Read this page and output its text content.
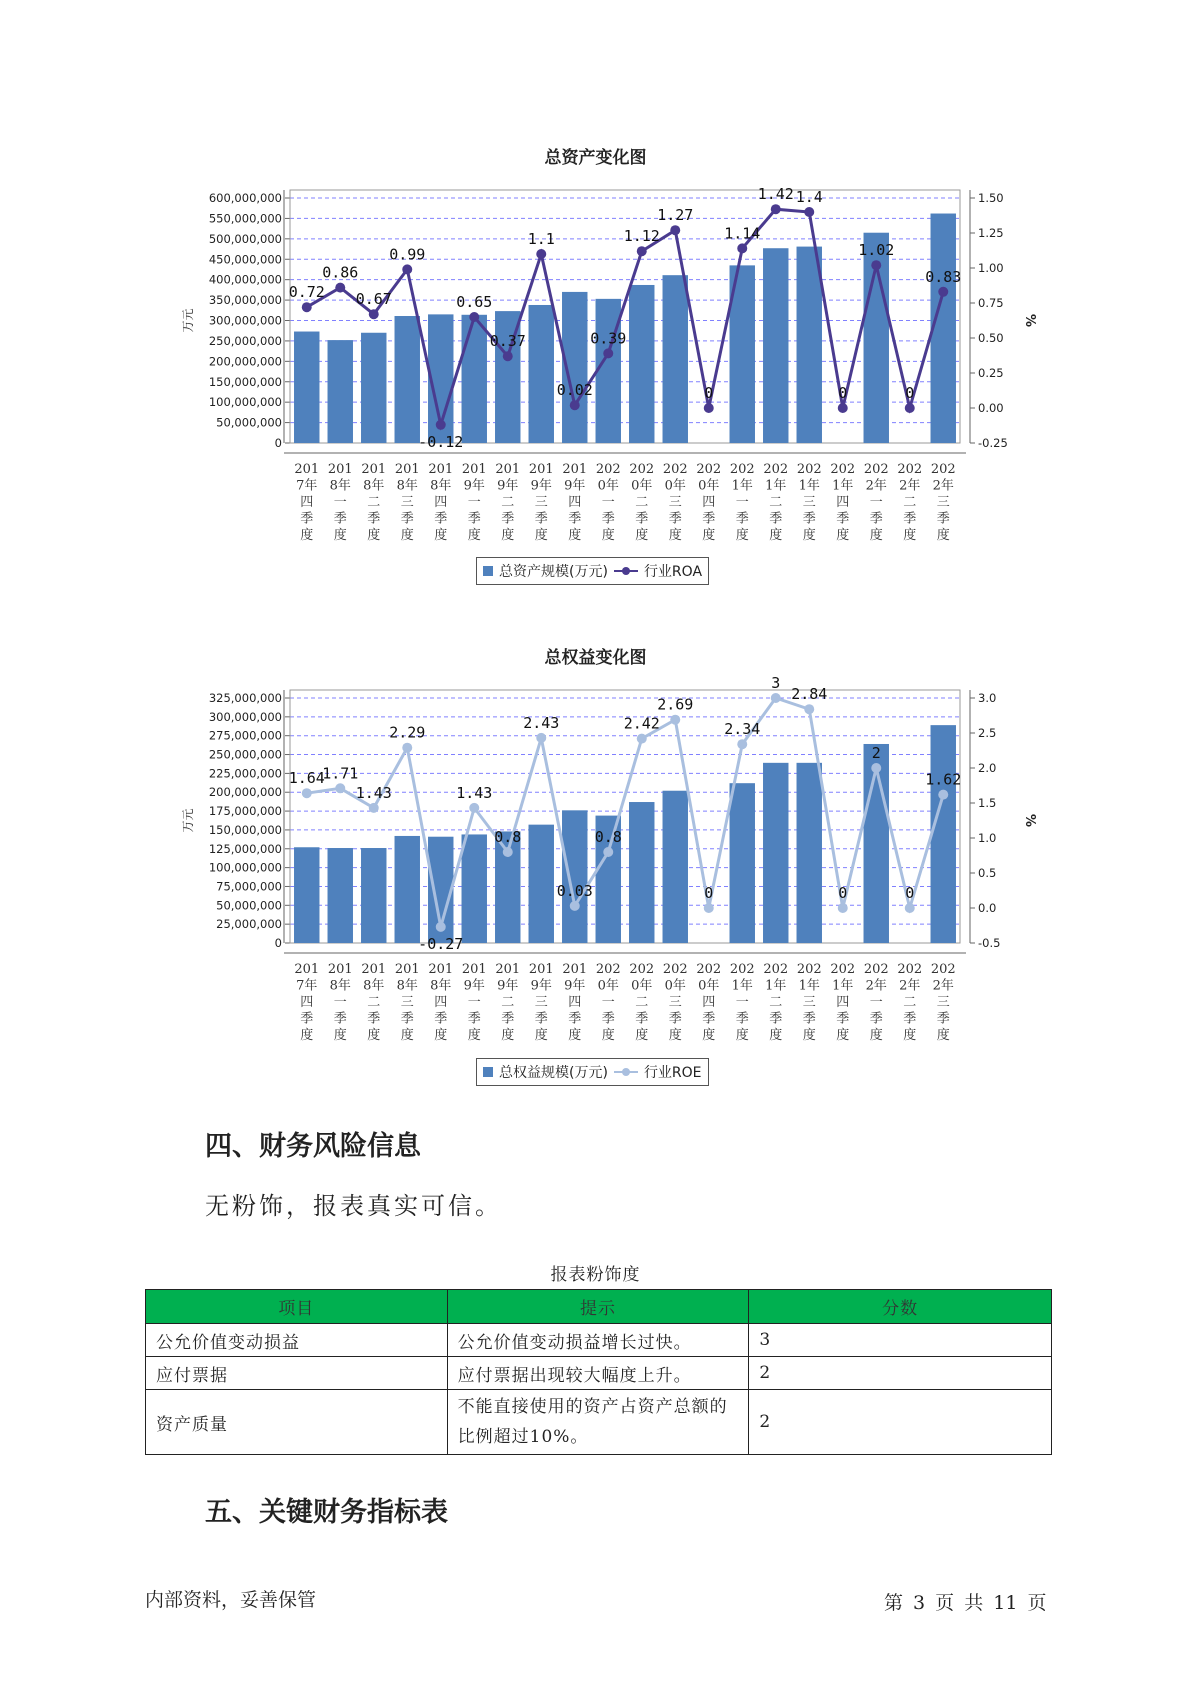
总资产变化图
0
50,000,000
100,000,000
150,000,000
200,000,000
250,000,000
300,000,000
350,000,000
400,000,000
450,000,000
500,000,000
550,000,000
600,000,000
-0.25
0.00
0.25
0.50
0.75
1.00
1.25
1.50
万元	%
0.72
0.86
0.67
0.99
-0.12
0.65
0.37
1.1
0.02
0.39
1.12
1.27
0
1.14
1.42 1.4
0
1.02
0
0.83
201
7年
四
季
度
201
8年
一
季
度
201
8年
二
季
度
201
8年
三
季
度
201
8年
四
季
度
201
9年
一
季
度
201
9年
二
季
度
201
9年
三
季
度
201
9年
四
季
度
202
0年
一
季
度
202
0年
二
季
度
202
0年
三
季
度
202
0年
四
季
度
202
1年
一
季
度
202
1年
二
季
度
202
1年
三
季
度
202
1年
四
季
度
202
2年
一
季
度
202
2年
二
季
度
202
2年
三
季
度
总资产规模(万元)	行业ROA
总权益变化图
0
25,000,000
50,000,000
75,000,000
100,000,000
125,000,000
150,000,000
175,000,000
200,000,000
225,000,000
250,000,000
275,000,000
300,000,000
325,000,000
-0.5
0.0
0.5
1.0
1.5
2.0
2.5
3.0
万元	%
1.64
1.71
1.43
2.29
-0.27
1.43
0.8
2.43
0.03
0.8
2.42
2.69
0
2.34
3
2.84
0
2
0
1.62
201
7年
四
季
度
201
8年
一
季
度
201
8年
二
季
度
201
8年
三
季
度
201
8年
四
季
度
201
9年
一
季
度
201
9年
二
季
度
201
9年
三
季
度
201
9年
四
季
度
202
0年
一
季
度
202
0年
二
季
度
202
0年
三
季
度
202
0年
四
季
度
202
1年
一
季
度
202
1年
二
季
度
202
1年
三
季
度
202
1年
四
季
度
202
2年
一
季
度
202
2年
二
季
度
202
2年
三
季
度
总权益规模(万元)	行业ROE
四、财务风险信息
无粉饰，报表真实可信。
报表粉饰度
项目	提示	分数
公允价值变动损益	公允价值变动损益增长过快。	3
应付票据	应付票据出现较大幅度上升。	2
资产质量	不能直接使用的资产占资产总额的比例超过10%。	2
五、关键财务指标表
内部资料，妥善保管	第 3 页 共 11 页
